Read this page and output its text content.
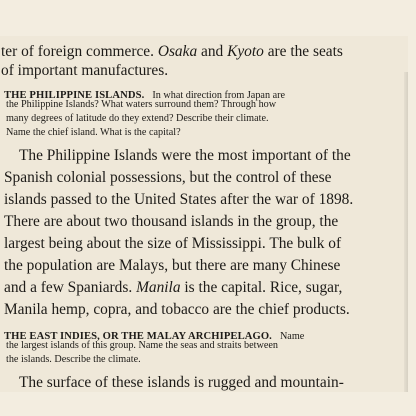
ter of foreign commerce. Osaka and Kyoto are the seats
of important manufactures.
THE PHILIPPINE ISLANDS. In what direction from Japan are
the Philippine Islands? What waters surround them? Through how
many degrees of latitude do they extend? Describe their climate.
Name the chief island. What is the capital?
The Philippine Islands were the most important of the
Spanish colonial possessions, but the control of these
islands passed to the United States after the war of 1898.
There are about two thousand islands in the group, the
largest being about the size of Mississippi. The bulk of
the population are Malays, but there are many Chinese
and a few Spaniards. Manila is the capital. Rice, sugar,
Manila hemp, copra, and tobacco are the chief products.
THE EAST INDIES, OR THE MALAY ARCHIPELAGO. Name
the largest islands of this group. Name the seas and straits between
the islands. Describe the climate.
The surface of these islands is rugged and mountain-
